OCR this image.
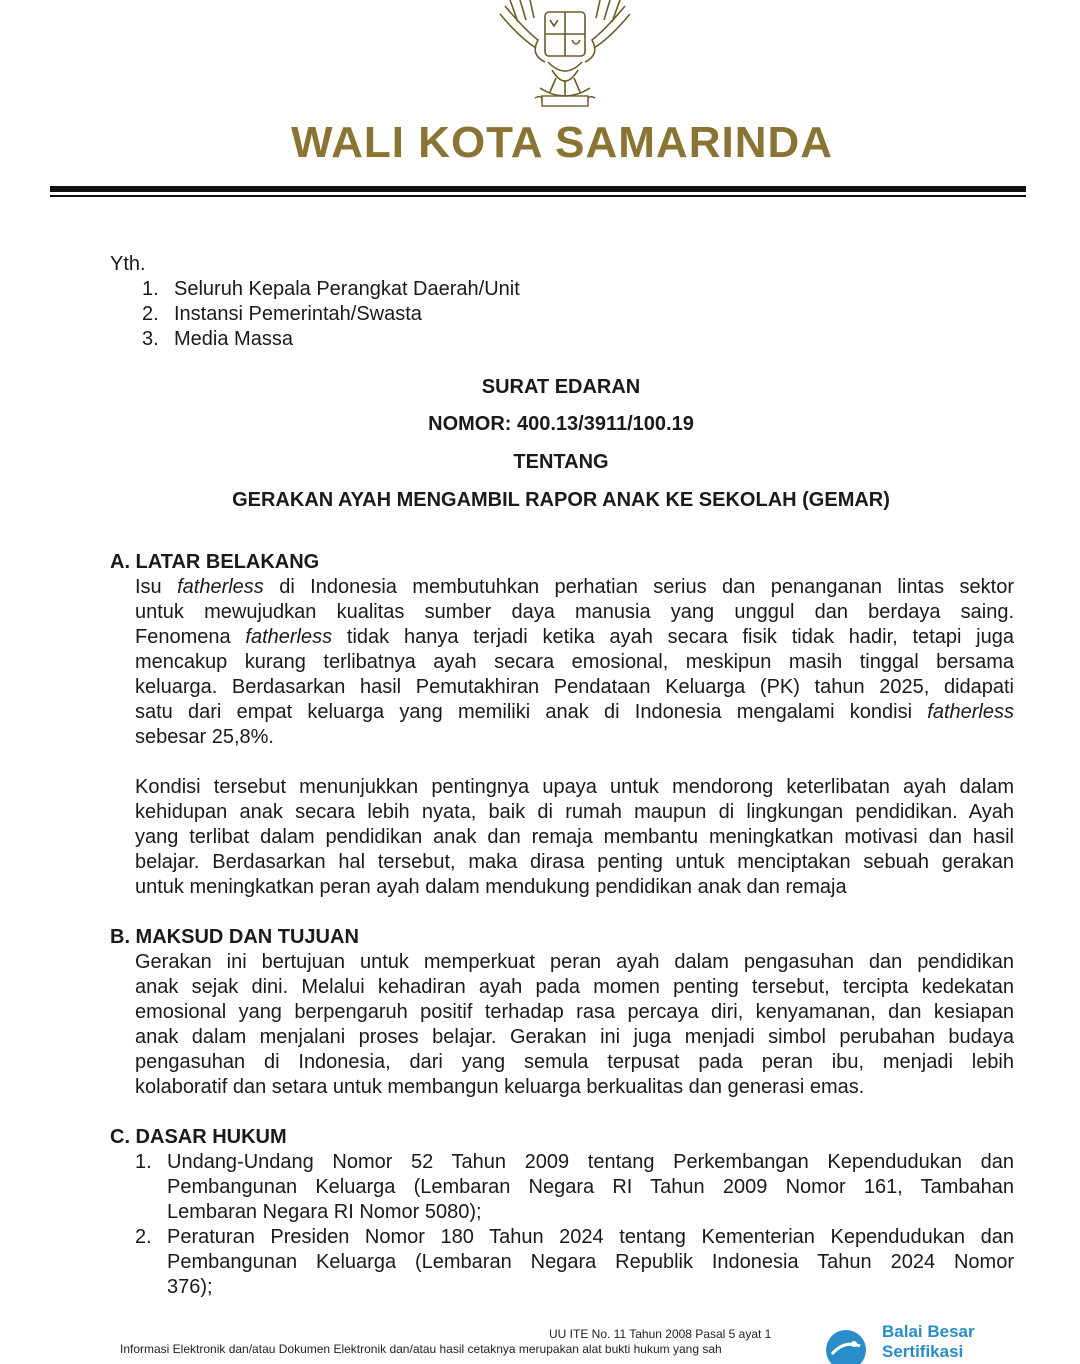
WALI KOTA SAMARINDA
Yth.
1. Seluruh Kepala Perangkat Daerah/Unit
2. Instansi Pemerintah/Swasta
3. Media Massa
SURAT EDARAN
NOMOR: 400.13/3911/100.19
TENTANG
GERAKAN AYAH MENGAMBIL RAPOR ANAK KE SEKOLAH (GEMAR)
A. LATAR BELAKANG
Isu fatherless di Indonesia membutuhkan perhatian serius dan penanganan lintas sektor
untuk mewujudkan kualitas sumber daya manusia yang unggul dan berdaya saing.
Fenomena fatherless tidak hanya terjadi ketika ayah secara fisik tidak hadir, tetapi juga
mencakup kurang terlibatnya ayah secara emosional, meskipun masih tinggal bersama
keluarga. Berdasarkan hasil Pemutakhiran Pendataan Keluarga (PK) tahun 2025, didapati
satu dari empat keluarga yang memiliki anak di Indonesia mengalami kondisi fatherless
sebesar 25,8%.
Kondisi tersebut menunjukkan pentingnya upaya untuk mendorong keterlibatan ayah dalam
kehidupan anak secara lebih nyata, baik di rumah maupun di lingkungan pendidikan. Ayah
yang terlibat dalam pendidikan anak dan remaja membantu meningkatkan motivasi dan hasil
belajar. Berdasarkan hal tersebut, maka dirasa penting untuk menciptakan sebuah gerakan
untuk meningkatkan peran ayah dalam mendukung pendidikan anak dan remaja
B. MAKSUD DAN TUJUAN
Gerakan ini bertujuan untuk memperkuat peran ayah dalam pengasuhan dan pendidikan
anak sejak dini. Melalui kehadiran ayah pada momen penting tersebut, tercipta kedekatan
emosional yang berpengaruh positif terhadap rasa percaya diri, kenyamanan, dan kesiapan
anak dalam menjalani proses belajar. Gerakan ini juga menjadi simbol perubahan budaya
pengasuhan di Indonesia, dari yang semula terpusat pada peran ibu, menjadi lebih
kolaboratif dan setara untuk membangun keluarga berkualitas dan generasi emas.
C. DASAR HUKUM
1. Undang-Undang Nomor 52 Tahun 2009 tentang Perkembangan Kependudukan dan
Pembangunan Keluarga (Lembaran Negara RI Tahun 2009 Nomor 161, Tambahan
Lembaran Negara RI Nomor 5080);
2. Peraturan Presiden Nomor 180 Tahun 2024 tentang Kementerian Kependudukan dan
Pembangunan Keluarga (Lembaran Negara Republik Indonesia Tahun 2024 Nomor
376);
UU ITE No. 11 Tahun 2008 Pasal 5 ayat 1
Informasi Elektronik dan/atau Dokumen Elektronik dan/atau hasil cetaknya merupakan alat bukti hukum yang sah
Balai Besar
Sertifikasi
